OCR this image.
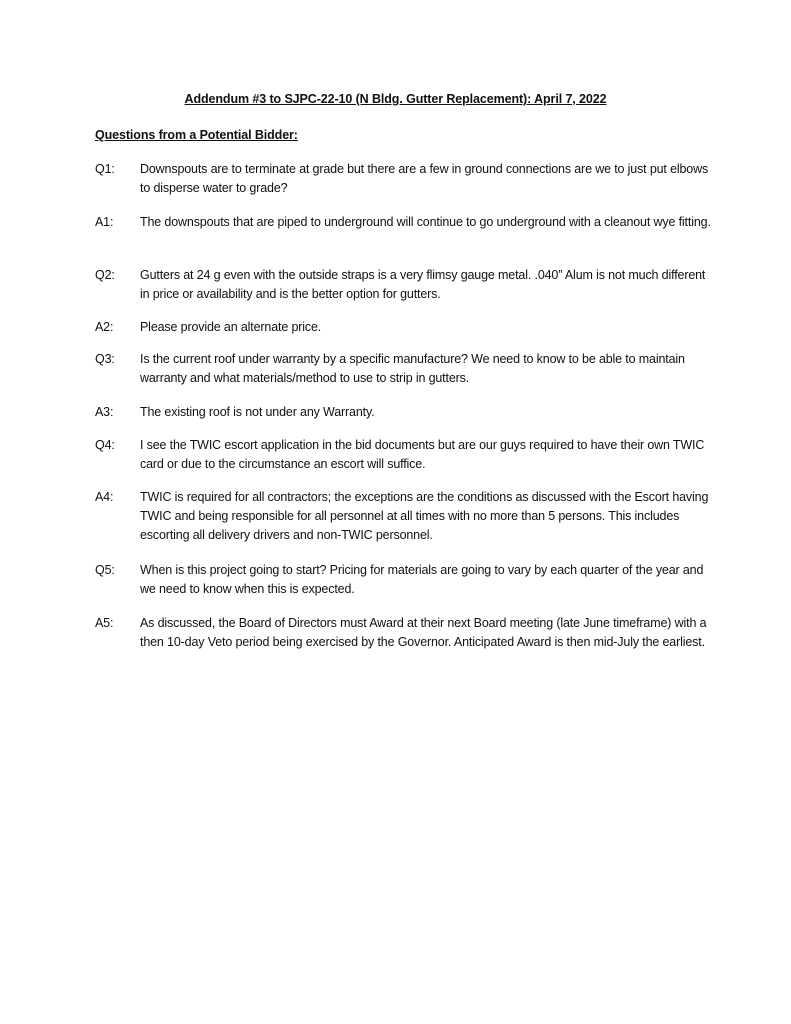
Addendum #3 to SJPC-22-10 (N Bldg. Gutter Replacement): April 7, 2022
Questions from a Potential Bidder:
Q1:	Downspouts are to terminate at grade but there are a few in ground connections are we to just put elbows to disperse water to grade?
A1:	The downspouts that are piped to underground will continue to go underground with a cleanout wye fitting.
Q2:	Gutters at 24 g even with the outside straps is a very flimsy gauge metal. .040” Alum is not much different in price or availability and is the better option for gutters.
A2:	Please provide an alternate price.
Q3:	Is the current roof under warranty by a specific manufacture? We need to know to be able to maintain warranty and what materials/method to use to strip in gutters.
A3:	The existing roof is not under any Warranty.
Q4:	I see the TWIC escort application in the bid documents but are our guys required to have their own TWIC card or due to the circumstance an escort will suffice.
A4:	TWIC is required for all contractors; the exceptions are the conditions as discussed with the Escort having TWIC and being responsible for all personnel at all times with no more than 5 persons. This includes escorting all delivery drivers and non-TWIC personnel.
Q5:	When is this project going to start? Pricing for materials are going to vary by each quarter of the year and we need to know when this is expected.
A5:	As discussed, the Board of Directors must Award at their next Board meeting (late June timeframe) with a then 10-day Veto period being exercised by the Governor. Anticipated Award is then mid-July the earliest.
